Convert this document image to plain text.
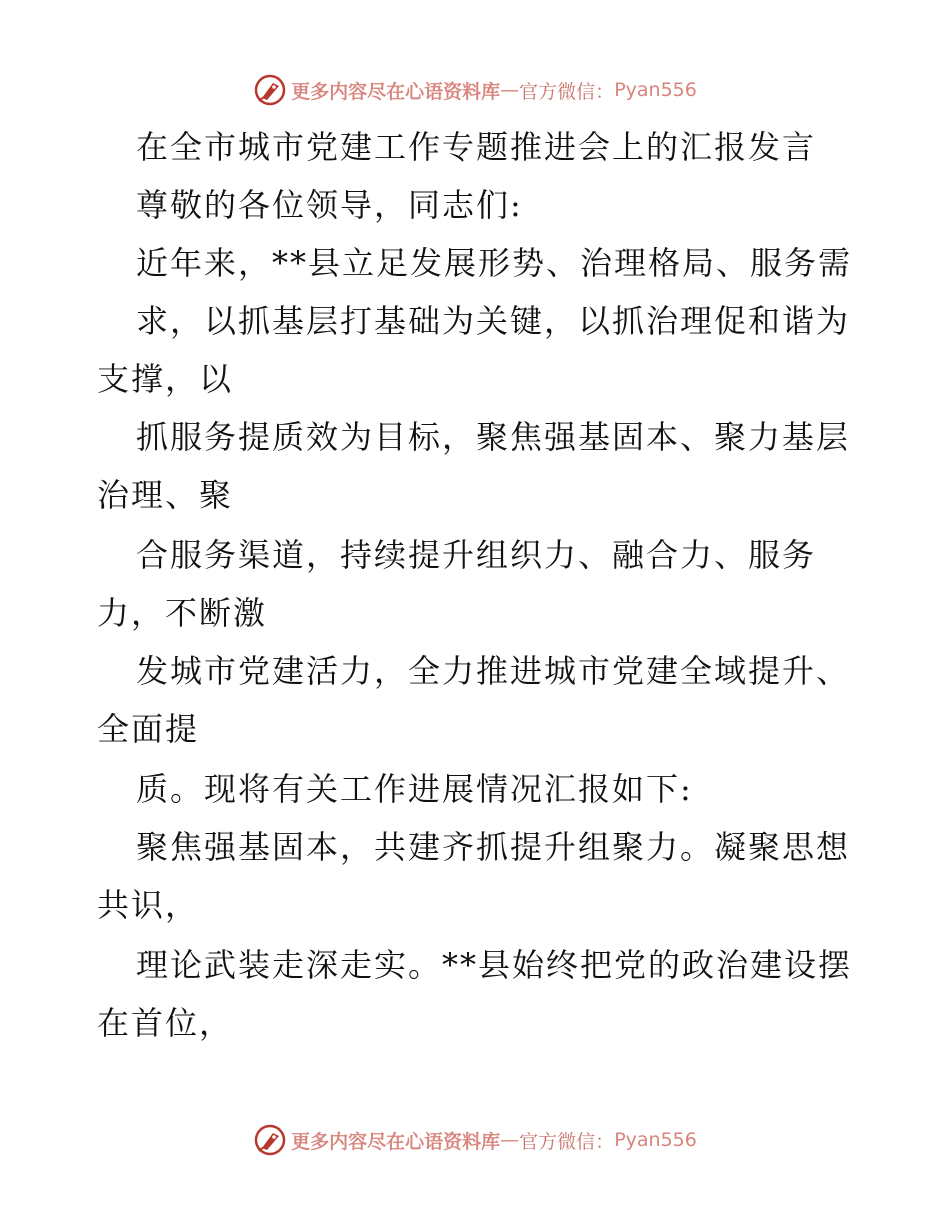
更多内容尽在心语资料库 — 官方微信： Pyan556
在全市城市党建工作专题推进会上的汇报发言
尊敬的各位领导，同志们:
近年来，**县立足发展形势、治理格局、服务需
求，以抓基层打基础为关键，以抓治理促和谐为
支撑，以
抓服务提质效为目标，聚焦强基固本、聚力基层
治理、聚
合服务渠道，持续提升组织力、融合力、服务
力，不断激
发城市党建活力，全力推进城市党建全域提升、
全面提
质。现将有关工作进展情况汇报如下:
聚焦强基固本，共建齐抓提升组聚力。凝聚思想
共识，
理论武装走深走实。**县始终把党的政治建设摆
在首位，
更多内容尽在心语资料库 — 官方微信： Pyan556
